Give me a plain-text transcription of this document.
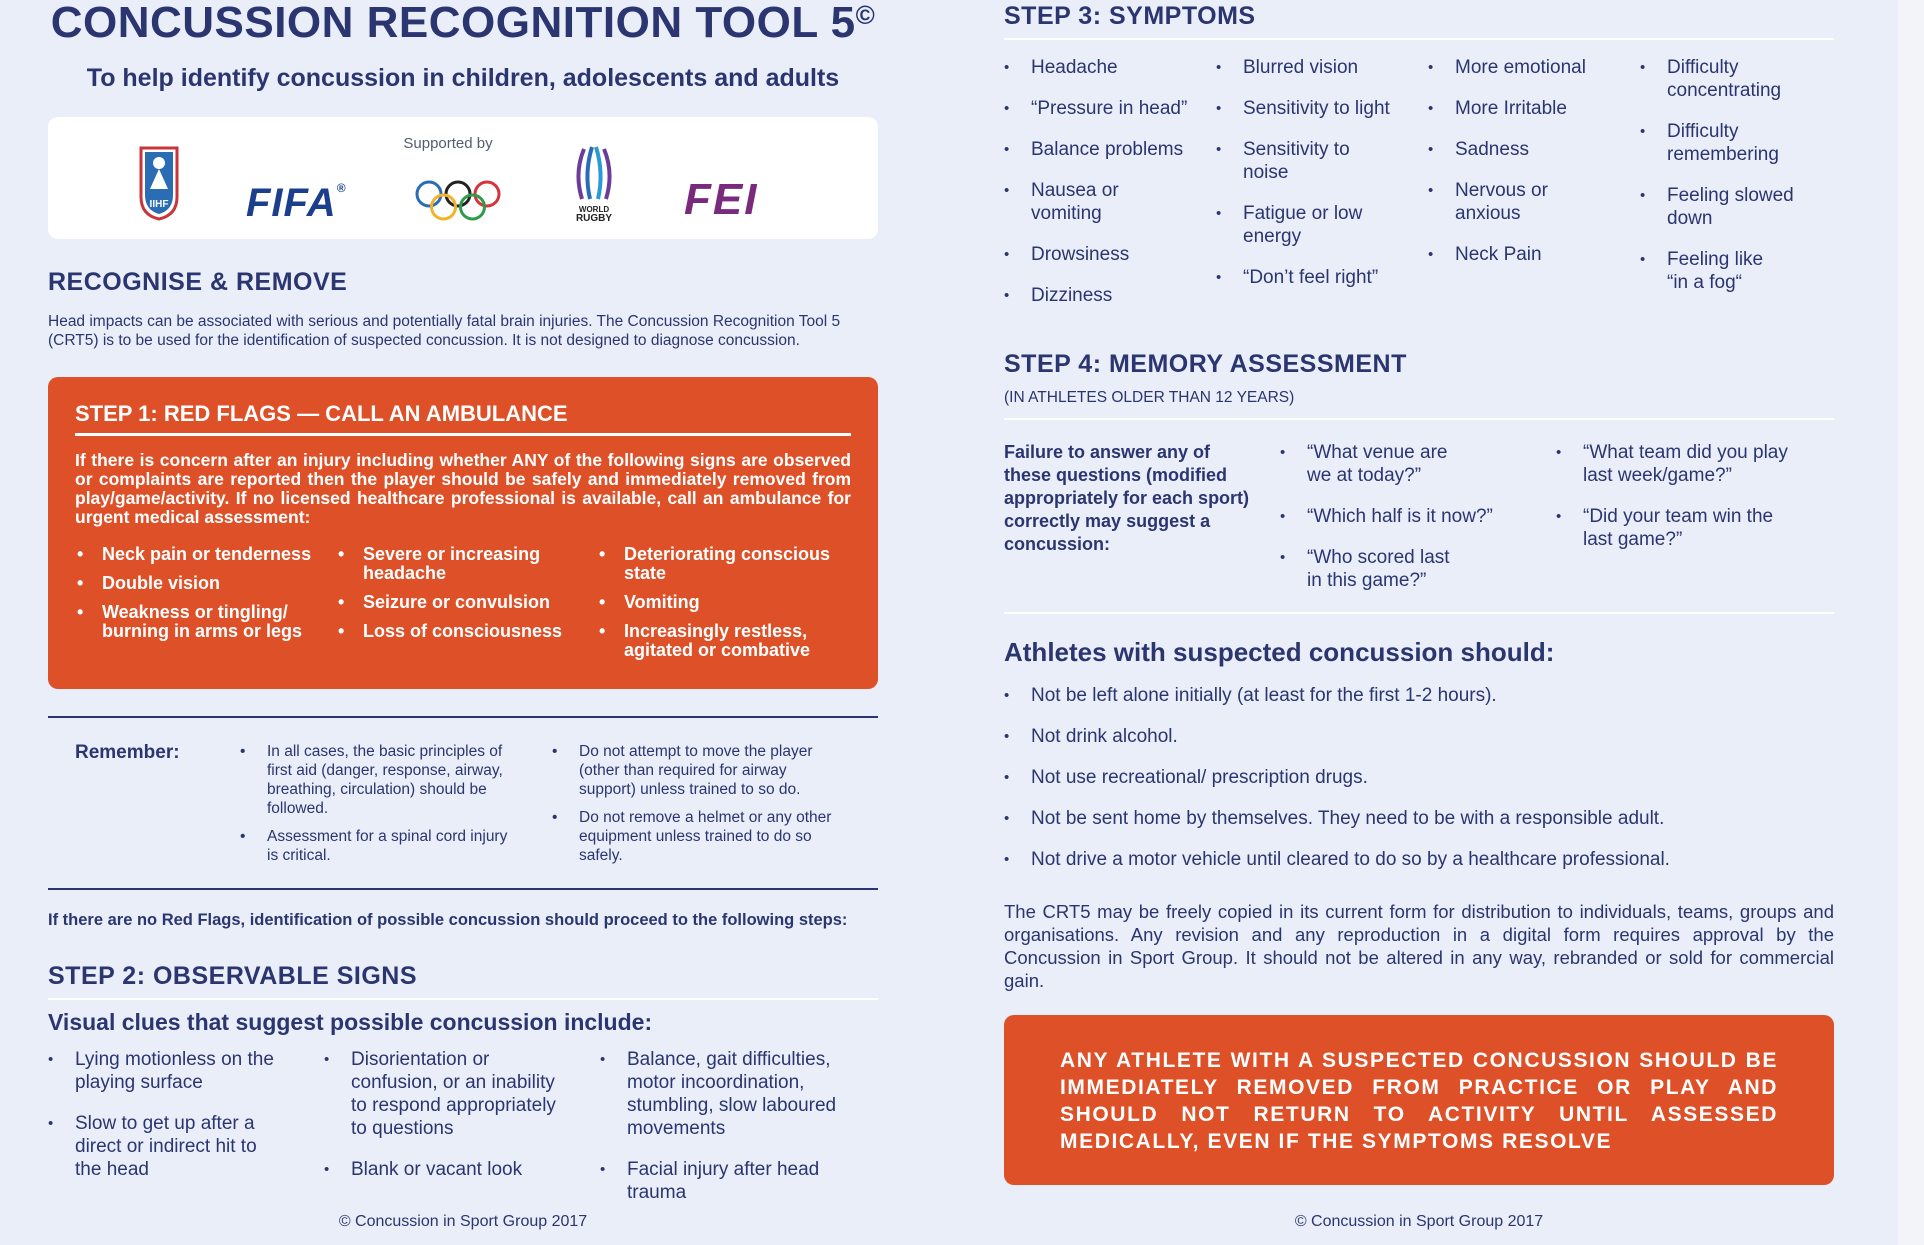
CONCUSSION RECOGNITION TOOL 5©
To help identify concussion in children, adolescents and adults
Supported by
IIHF FIFA®
WORLD
RUGBY FEI
RECOGNISE & REMOVE
Head impacts can be associated with serious and potentially fatal brain injuries. The Concussion Recognition Tool 5 (CRT5) is to be used for the identification of suspected concussion. It is not designed to diagnose concussion.
STEP 1: RED FLAGS — CALL AN AMBULANCE
If there is concern after an injury including whether ANY of the following signs are observed or complaints are reported then the player should be safely and immediately removed from play/game/activity. If no licensed healthcare professional is available, call an ambulance for urgent medical assessment:
• Neck pain or tenderness
• Double vision
• Weakness or tingling/ burning in arms or legs
• Severe or increasing headache
• Seizure or convulsion
• Loss of consciousness
• Deteriorating conscious state
• Vomiting
• Increasingly restless, agitated or combative
Remember:
•	In all cases, the basic principles of first aid (danger, response, airway, breathing, circulation) should be followed.
• Assessment for a spinal cord injury is critical.
• Do not attempt to move the player (other than required for airway support) unless trained to so do.
• Do not remove a helmet or any other equipment unless trained to do so safely.
If there are no Red Flags, identification of possible concussion should proceed to the following steps:
STEP 2: OBSERVABLE SIGNS
Visual clues that suggest possible concussion include:
• Lying motionless on the playing surface
• Slow to get up after a direct or indirect hit to the head
• Disorientation or confusion, or an inability to respond appropriately to questions
• Blank or vacant look
• Balance, gait difficulties, motor incoordination, stumbling, slow laboured movements
• Facial injury after head trauma
© Concussion in Sport Group 2017
STEP 3: SYMPTOMS
• Headache
• “Pressure in head”
• Balance problems
• Nausea or vomiting
• Drowsiness
• Dizziness
• Blurred vision
• Sensitivity to light
• Sensitivity to noise
• Fatigue or low energy
• “Don’t feel right”
• More emotional
• More Irritable
• Sadness
• Nervous or anxious
• Neck Pain
• Difficulty concentrating
• Difficulty remembering
• Feeling slowed down
• Feeling like “in a fog“
STEP 4: MEMORY ASSESSMENT
(IN ATHLETES OLDER THAN 12 YEARS)
Failure to answer any of these questions (modified appropriately for each sport) correctly may suggest a concussion:
• “What venue are we at today?”
• “Which half is it now?”
• “Who scored last in this game?”
• “What team did you play last week/game?”
• “Did your team win the last game?”
Athletes with suspected concussion should:
• Not be left alone initially (at least for the first 1-2 hours).
• Not drink alcohol.
• Not use recreational/ prescription drugs.
• Not be sent home by themselves. They need to be with a responsible adult.
• Not drive a motor vehicle until cleared to do so by a healthcare professional.
The CRT5 may be freely copied in its current form for distribution to individuals, teams, groups and organisations. Any revision and any reproduction in a digital form requires approval by the Concussion in Sport Group. It should not be altered in any way, rebranded or sold for commercial gain.

ANY ATHLETE WITH A SUSPECTED CONCUSSION SHOULD BE IMMEDIATELY REMOVED FROM PRACTICE OR PLAY AND SHOULD NOT RETURN TO ACTIVITY UNTIL ASSESSED MEDICALLY, EVEN IF THE SYMPTOMS RESOLVE

© Concussion in Sport Group 2017
